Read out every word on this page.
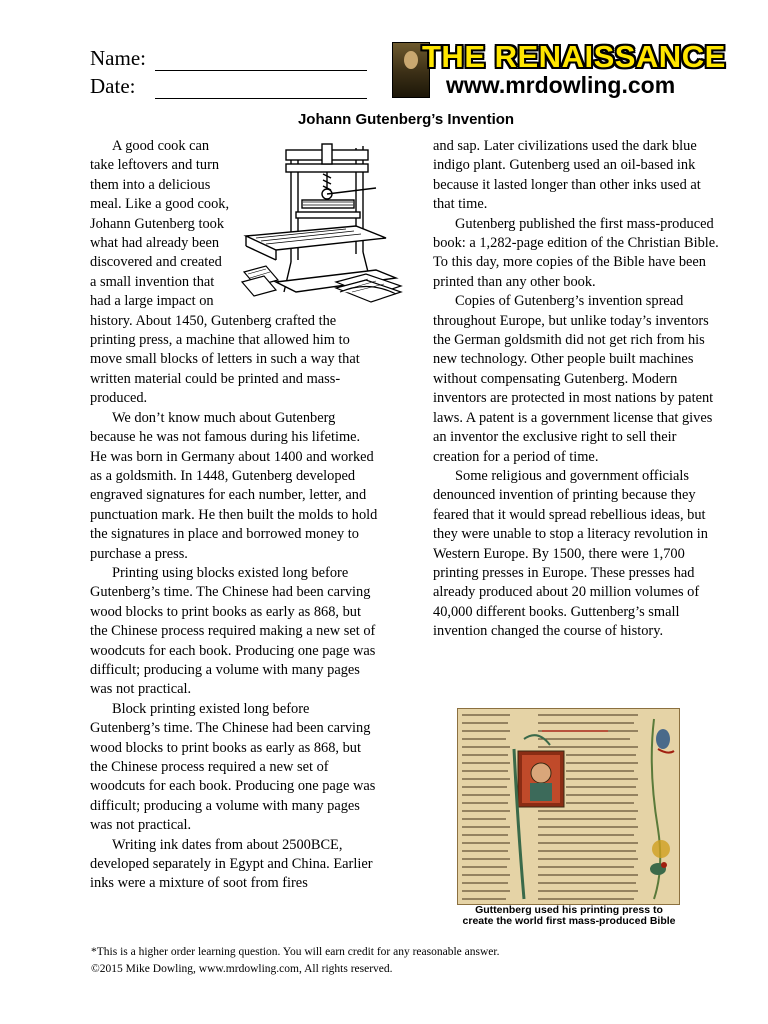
Name:
Date:
THE RENAISSANCE
www.mrdowling.com
Johann Gutenberg’s Invention

A good cook can take leftovers and turn them into a delicious meal. Like a good cook, Johann Gutenberg took what had already been discovered and created a small invention that had a large impact on history. About 1450, Gutenberg crafted the printing press, a machine that allowed him to move small blocks of letters in such a way that written material could be printed and mass-produced.

We don’t know much about Gutenberg because he was not famous during his lifetime. He was born in Germany about 1400 and worked as a goldsmith. In 1448, Gutenberg developed engraved signatures for each number, letter, and punctuation mark. He then built the molds to hold the signatures in place and borrowed money to purchase a press.

Printing using blocks existed long before Gutenberg’s time. The Chinese had been carving wood blocks to print books as early as 868, but the Chinese process required making a new set of woodcuts for each book. Producing one page was difficult; producing a volume with many pages was not practical.

Block printing existed long before Gutenberg’s time. The Chinese had been carving wood blocks to print books as early as 868, but the Chinese process required a new set of woodcuts for each book. Producing one page was difficult; producing a volume with many pages was not practical.

Writing ink dates from about 2500BCE, developed separately in Egypt and China. Earlier inks were a mixture of soot from fires

and sap. Later civilizations used the dark blue indigo plant. Gutenberg used an oil-based ink because it lasted longer than other inks used at that time.

Gutenberg published the first mass-produced book: a 1,282-page edition of the Christian Bible. To this day, more copies of the Bible have been printed than any other book.

Copies of Gutenberg’s invention spread throughout Europe, but unlike today’s inventors the German goldsmith did not get rich from his new technology. Other people built machines without compensating Gutenberg. Modern inventors are protected in most nations by patent laws. A patent is a government license that gives an inventor the exclusive right to sell their creation for a period of time.

Some religious and government officials denounced invention of printing because they feared that it would spread rebellious ideas, but they were unable to stop a literacy revolution in Western Europe. By 1500, there were 1,700 printing presses in Europe. These presses had already produced about 20 million volumes of 40,000 different books. Guttenberg’s small invention changed the course of history.

Guttenberg used his printing press to
create the world first mass-produced Bible
*This is a higher order learning question. You will earn credit for any reasonable answer.
©2015 Mike Dowling, www.mrdowling.com, All rights reserved.
